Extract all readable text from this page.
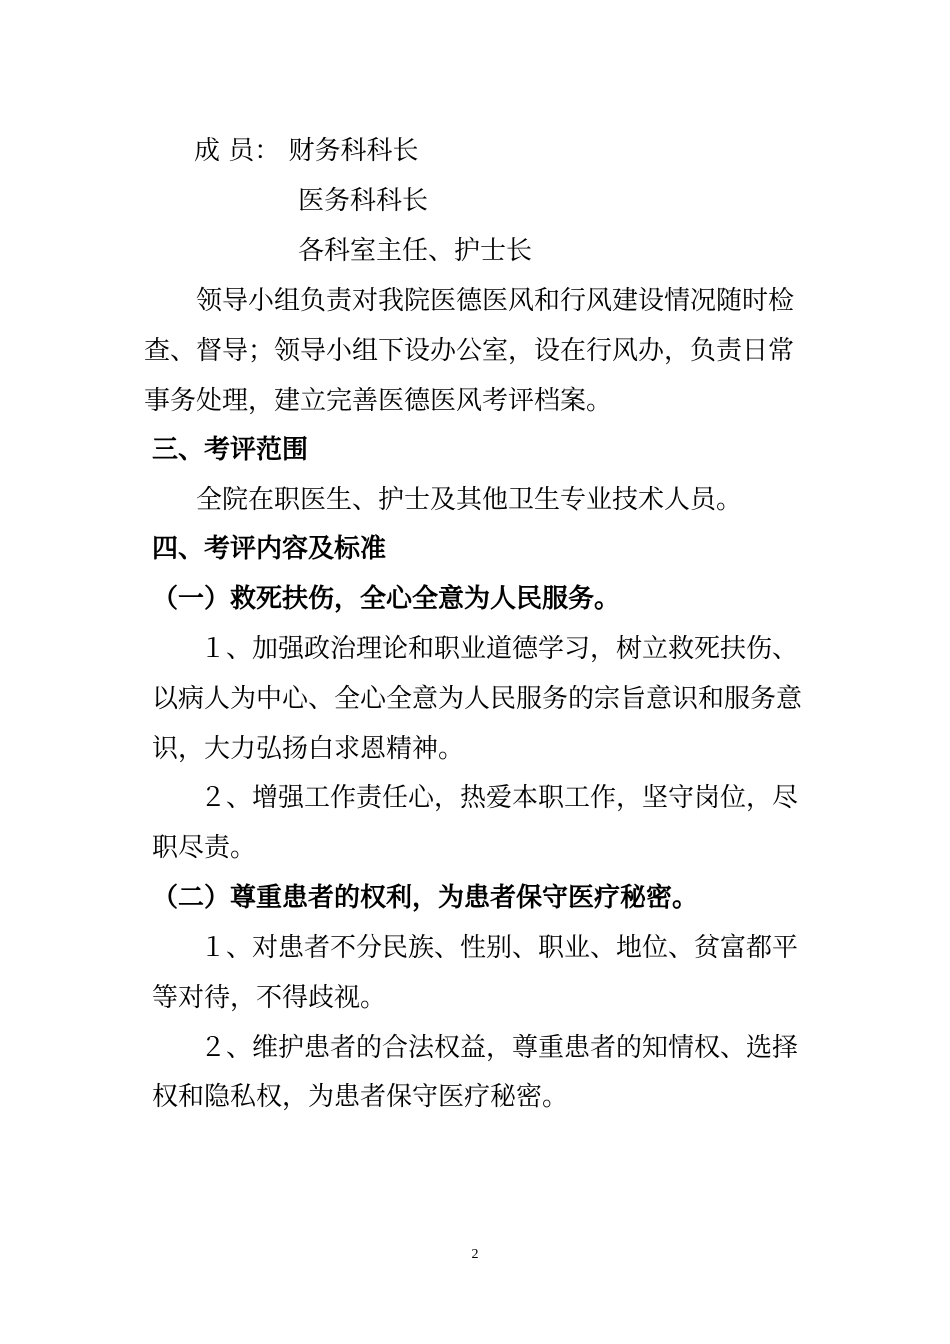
成 员： 财务科科长
医务科科长
各科室主任、护士长
领导小组负责对我院医德医风和行风建设情况随时检
查、督导；领导小组下设办公室，设在行风办，负责日常
事务处理，建立完善医德医风考评档案。
三、考评范围
全院在职医生、护士及其他卫生专业技术人员。
四、考评内容及标准
（一）救死扶伤，全心全意为人民服务。
１、加强政治理论和职业道德学习，树立救死扶伤、
以病人为中心、全心全意为人民服务的宗旨意识和服务意
识，大力弘扬白求恩精神。
２、增强工作责任心，热爱本职工作，坚守岗位，尽
职尽责。
（二）尊重患者的权利，为患者保守医疗秘密。
１、对患者不分民族、性别、职业、地位、贫富都平
等对待，不得歧视。
２、维护患者的合法权益，尊重患者的知情权、选择
权和隐私权，为患者保守医疗秘密。
2
